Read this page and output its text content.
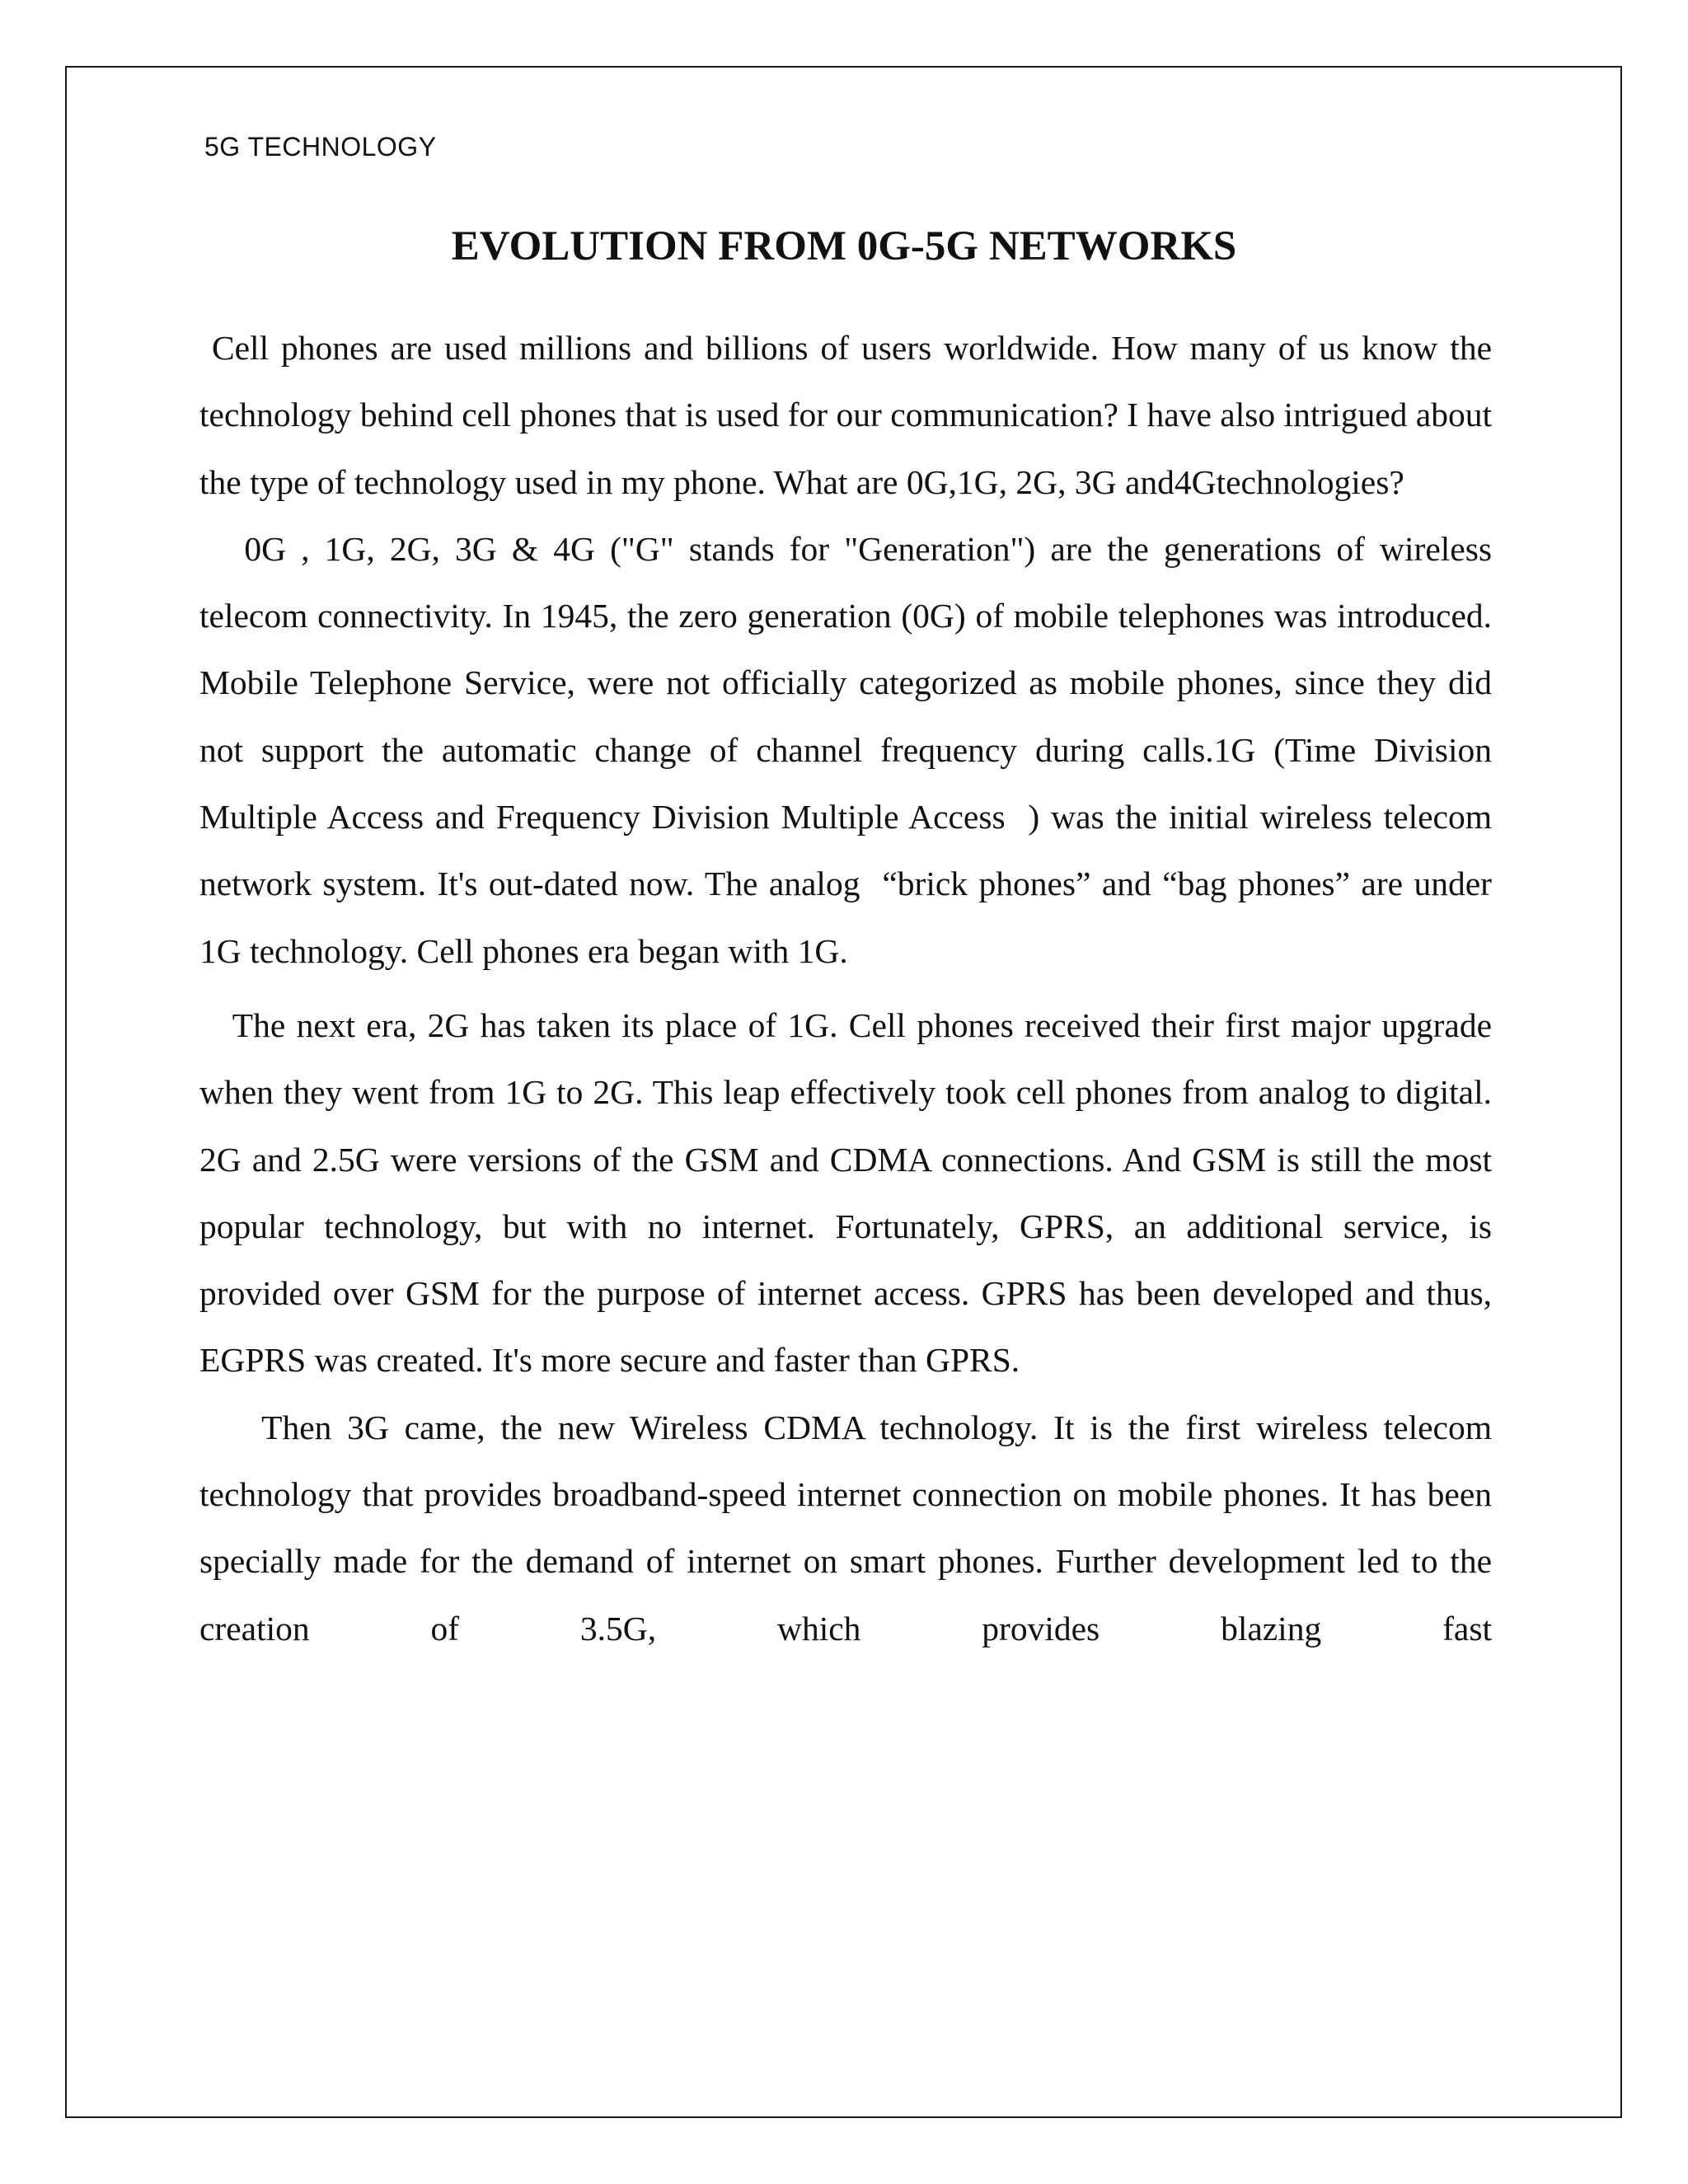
5G TECHNOLOGY
EVOLUTION FROM 0G-5G NETWORKS

Cell phones are used millions and billions of users worldwide. How many of us know the technology behind cell phones that is used for our communication? I have also intrigued about the type of technology used in my phone. What are 0G,1G, 2G, 3G and4Gtechnologies?

0G , 1G, 2G, 3G & 4G ("G" stands for "Generation") are the generations of wireless telecom connectivity. In 1945, the zero generation (0G) of mobile telephones was introduced. Mobile Telephone Service, were not officially categorized as mobile phones, since they did not support the automatic change of channel frequency during calls.1G (Time Division Multiple Access and Frequency Division Multiple Access  ) was the initial wireless telecom network system. It's out-dated now. The analog  “brick phones” and “bag phones” are under 1G technology. Cell phones era began with 1G.

The next era, 2G has taken its place of 1G. Cell phones received their first major upgrade when they went from 1G to 2G. This leap effectively took cell phones from analog to digital. 2G and 2.5G were versions of the GSM and CDMA connections. And GSM is still the most popular technology, but with no internet. Fortunately, GPRS, an additional service, is provided over GSM for the purpose of internet access. GPRS has been developed and thus, EGPRS was created. It's more secure and faster than GPRS.

Then 3G came, the new Wireless CDMA technology. It is the first wireless telecom technology that provides broadband-speed internet connection on mobile phones. It has been specially made for the demand of internet on smart phones. Further development led to the creation of 3.5G, which provides blazing fast
